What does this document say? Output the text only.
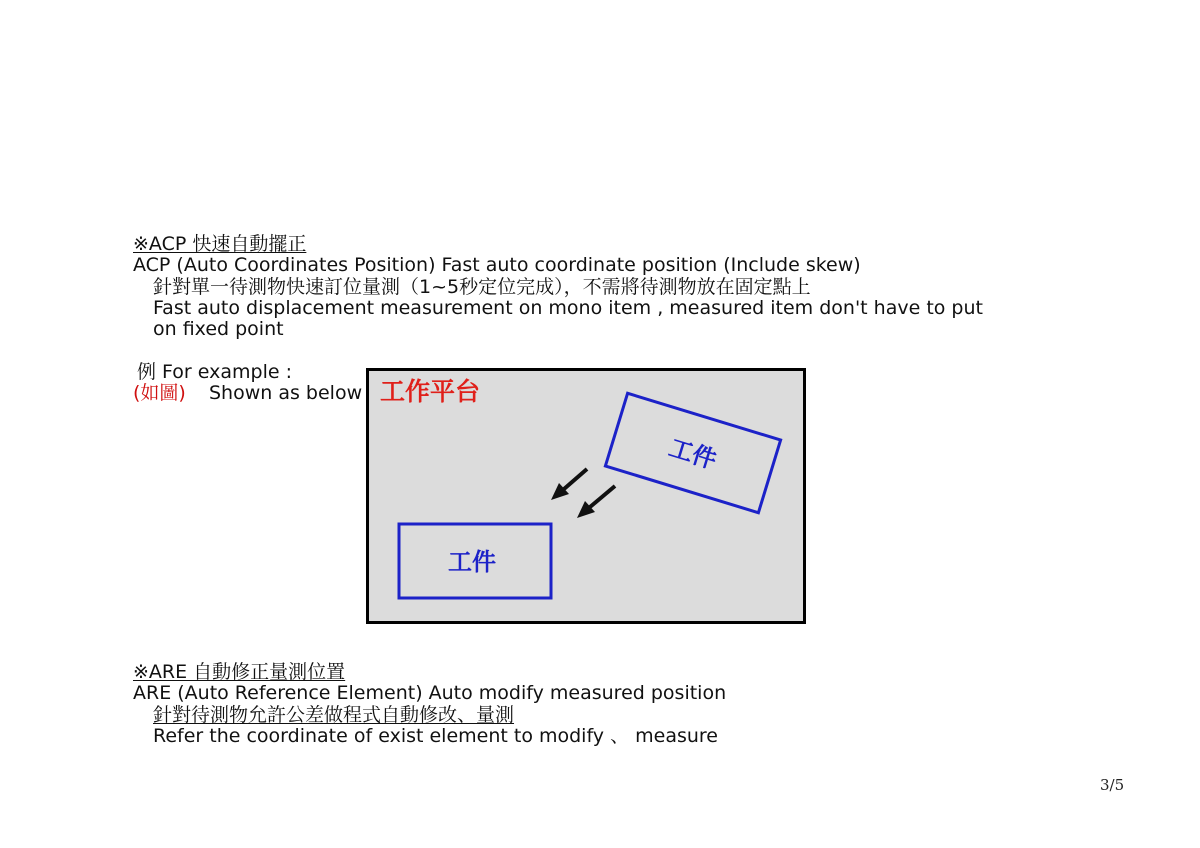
※ACP 快速自動擺正
ACP (Auto Coordinates Position) Fast auto coordinate position (Include skew)
針對單一待測物快速訂位量測（1~5秒定位完成），不需將待測物放在固定點上
Fast auto displacement measurement on mono item , measured item don't have to put
on fixed point
例 For example :
(如圖) Shown as below 工作平台
工件
工件
※ARE 自動修正量測位置
ARE (Auto Reference Element) Auto modify measured position
針對待測物允許公差做程式自動修改、量測
Refer the coordinate of exist element to modify 、 measure
3/5
